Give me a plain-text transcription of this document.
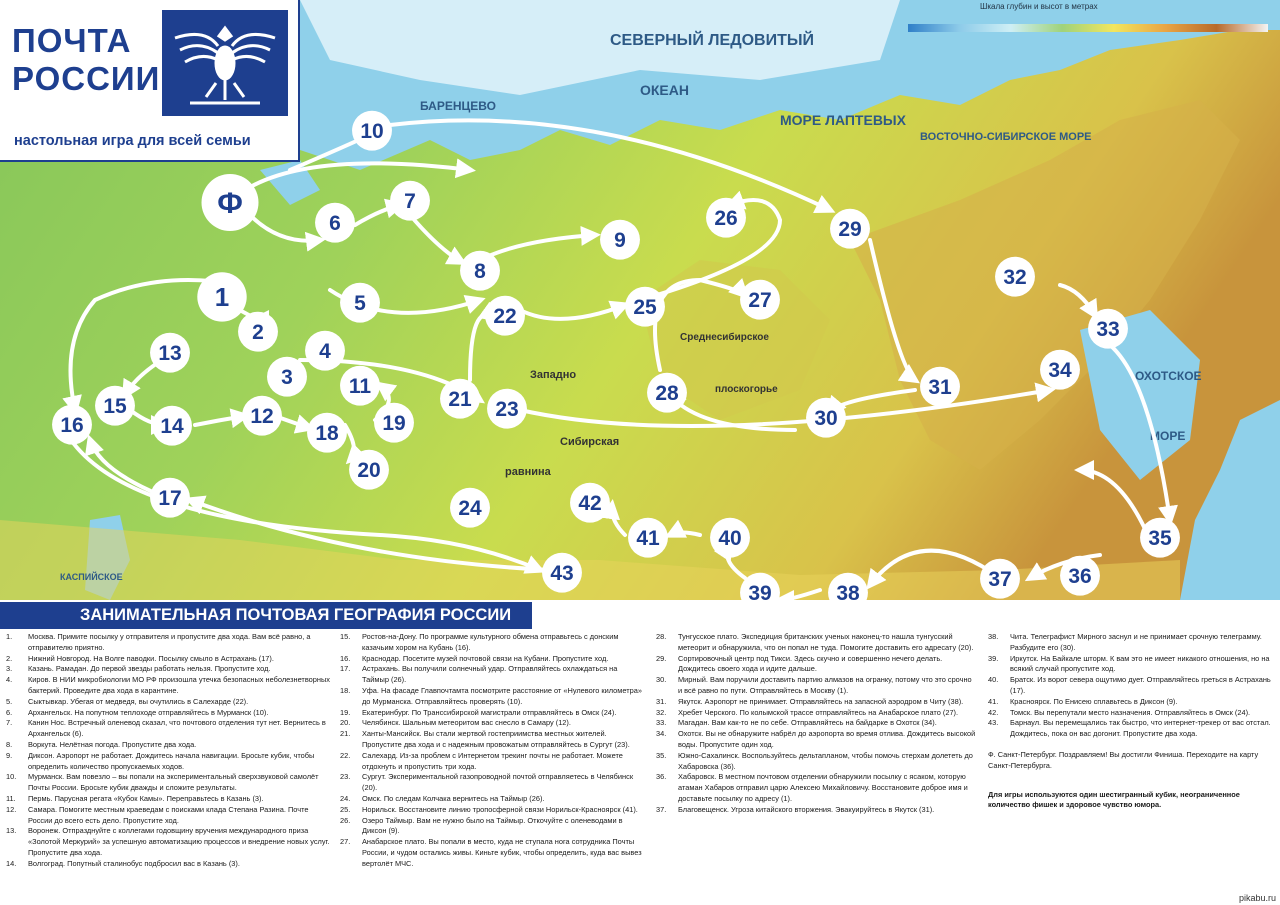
СЕВЕРНЫЙ ЛЕДОВИТЫЙ
ОКЕАН
МОРЕ ЛАПТЕВЫХ
ВОСТОЧНО-СИБИРСКОЕ МОРЕ
Среднесибирское
плоскогорье
Западно
Сибирская
равнина
ОХОТСКОЕ
МОРЕ
КАСПИЙСКОЕ
БАРЕНЦЕВО
Ф
1
2
3
4
5
6
7
8
9
10
11
12
13
14
15
16
17
18 19
20
21
22
23
24
25
26
27
28
29
30
31
32
33
34
35
36
37
38
39
40
41
42
43
Шкала глубин и высот в метрах
ПОЧТА
РОССИИ
настольная игра для всей семьи
ЗАНИМАТЕЛЬНАЯ ПОЧТОВАЯ ГЕОГРАФИЯ РОССИИ
1.	Москва. Примите посылку у отправителя и пропустите два хода. Вам всё равно, а отправителю приятно.
2.	Нижний Новгород. На Волге паводки. Посылку смыло в Астрахань (17).
3.	Казань. Рамадан. До первой звезды работать нельзя. Пропустите ход.
4.	Киров. В НИИ микробиологии МО РФ произошла утечка безопасных неболезнетворных бактерий. Проведите два хода в карантине.
5.	Сыктывкар. Убегая от медведя, вы очутились в Салехарде (22).
6.	Архангельск. На попутном теплоходе отправляйтесь в Мурманск (10).
7.	Канин Нос. Встречный оленевод сказал, что почтового отделения тут нет. Вернитесь в Архангельск (6).
8.	Воркута. Нелётная погода. Пропустите два хода.
9.	Диксон. Аэропорт не работает. Дождитесь начала навигации. Бросьте кубик, чтобы определить количество пропускаемых ходов.
10.	Мурманск. Вам повезло – вы попали на экспериментальный сверхзвуковой самолёт Почты России. Бросьте кубик дважды и сложите результаты.
11.	Пермь. Парусная регата «Кубок Камы». Переправьтесь в Казань (3).
12.	Самара. Помогите местным краеведам с поисками клада Степана Разина. Почте России до всего есть дело. Пропустите ход.
13.	Воронеж. Отпразднуйте с коллегами годовщину вручения международного приза «Золотой Меркурий» за успешную автоматизацию процессов и внедрение новых услуг. Пропустите два хода.
14.	Волгоград. Попутный сталинобус подбросил вас в Казань (3).
15.	Ростов-на-Дону. По программе культурного обмена отправьтесь с донским казачьим хором на Кубань (16).
16.	Краснодар. Посетите музей почтовой связи на Кубани. Пропустите ход.
17.	Астрахань. Вы получили солнечный удар. Отправляйтесь охлаждаться на Таймыр (26).
18.	Уфа. На фасаде Главпочтамта посмотрите расстояние от «Нулевого километра» до Мурманска. Отправляйтесь проверять (10).
19.	Екатеринбург. По Транссибирской магистрали отправляйтесь в Омск (24).
20.	Челябинск. Шальным метеоритом вас снесло в Самару (12).
21.	Ханты-Мансийск. Вы стали жертвой гостеприимства местных жителей. Пропустите два хода и с надежным провожатым отправляйтесь в Сургут (23).
22.	Салехард. Из-за проблем с Интернетом трекинг почты не работает. Можете отдохнуть и пропустить три хода.
23.	Сургут. Экспериментальной газопроводной почтой отправляетесь в Челябинск (20).
24.	Омск. По следам Колчака вернитесь на Таймыр (26).
25.	Норильск. Восстановите линию тропосферной связи Норильск-Красноярск (41).
26.	Озеро Таймыр. Вам не нужно было на Таймыр. Откочуйте с оленеводами в Диксон (9).
27.	Анабарское плато. Вы попали в место, куда не ступала нога сотрудника Почты России, и чудом остались живы. Киньте кубик, чтобы определить, куда вас вывез вертолёт МЧС.
28.	Тунгусское плато. Экспедиция британских ученых наконец-то нашла тунгусский метеорит и обнаружила, что он попал не туда. Помогите доставить его адресату (20).
29.	Сортировочный центр под Тикси. Здесь скучно и совершенно нечего делать. Дождитесь своего хода и идите дальше.
30.	Мирный. Вам поручили доставить партию алмазов на огранку, потому что это срочно и всё равно по пути. Отправляйтесь в Москву (1).
31.	Якутск. Аэропорт не принимает. Отправляйтесь на запасной аэродром в Читу (38).
32.	Хребет Черского. По колымской трассе отправляйтесь на Анабарское плато (27).
33.	Магадан. Вам как-то не по себе. Отправляйтесь на байдарке в Охотск (34).
34.	Охотск. Вы не обнаружите набрёл до аэропорта во время отлива. Дождитесь высокой воды. Пропустите один ход.
35.	Южно-Сахалинск. Воспользуйтесь дельтапланом, чтобы помочь стерхам долететь до Хабаровска (36).
36.	Хабаровск. В местном почтовом отделении обнаружили посылку с ясаком, которую атаман Хабаров отправил царю Алексею Михайловичу. Восстановите доброе имя и доставьте посылку по адресу (1).
37.	Благовещенск. Угроза китайского вторжения. Эвакуируйтесь в Якутск (31).
38.	Чита. Телеграфист Мирного заснул и не принимает срочную телеграмму. Разбудите его (30).
39.	Иркутск. На Байкале шторм. К вам это не имеет никакого отношения, но на всякий случай пропустите ход.
40.	Братск. Из ворот севера ощутимо дует. Отправляйтесь греться в Астрахань (17).
41.	Красноярск. По Енисею сплавьтесь в Диксон (9).
42.	Томск. Вы перепутали место назначения. Отправляйтесь в Омск (24).
43.	Барнаул. Вы перемещались так быстро, что интернет-трекер от вас отстал. Дождитесь, пока он вас догонит. Пропустите два хода.
Ф. Санкт-Петербург. Поздравляем! Вы достигли Финиша. Переходите на карту Санкт-Петербурга.
Для игры используются один шестигранный кубик, неограниченное количество фишек и здоровое чувство юмора.
pikabu.ru
